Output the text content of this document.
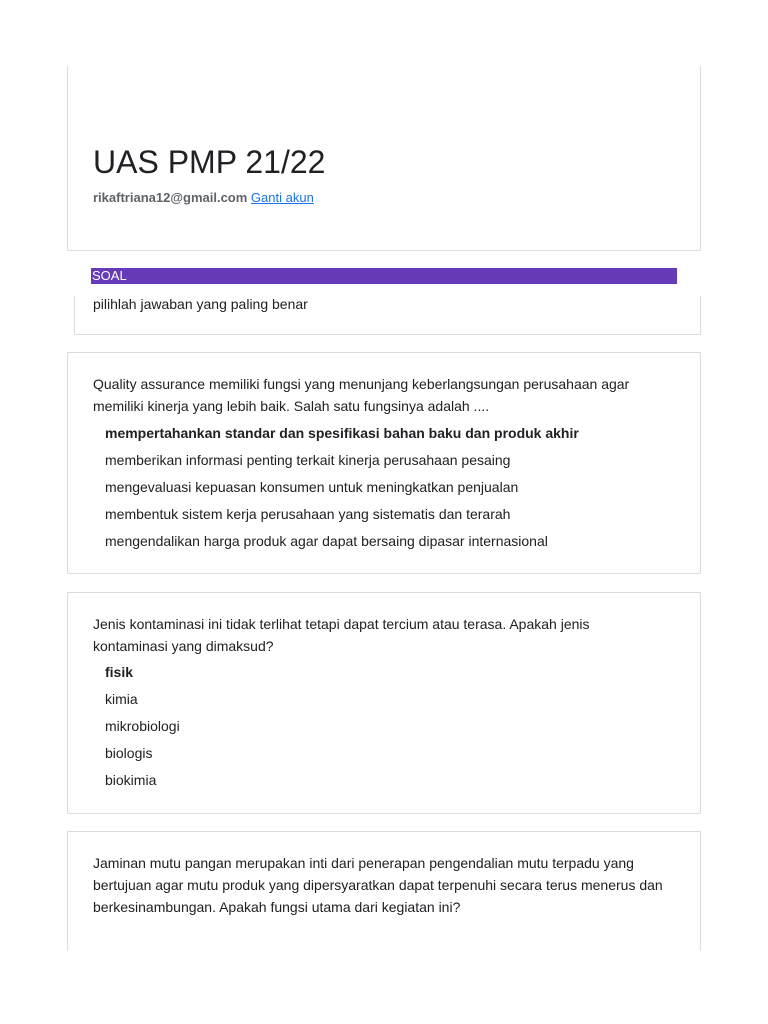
UAS PMP 21/22
rikaftriana12@gmail.com Ganti akun
SOAL
pilihlah jawaban yang paling benar
Quality assurance memiliki fungsi yang menunjang keberlangsungan perusahaan agar memiliki kinerja yang lebih baik. Salah satu fungsinya adalah ....
mempertahankan standar dan spesifikasi bahan baku dan produk akhir
memberikan informasi penting terkait kinerja perusahaan pesaing
mengevaluasi kepuasan konsumen untuk meningkatkan penjualan
membentuk sistem kerja perusahaan yang sistematis dan terarah
mengendalikan harga produk agar dapat bersaing dipasar internasional
Jenis kontaminasi ini tidak terlihat tetapi dapat tercium atau terasa. Apakah jenis kontaminasi yang dimaksud?
fisik
kimia
mikrobiologi
biologis
biokimia
Jaminan mutu pangan merupakan inti dari penerapan pengendalian mutu terpadu yang bertujuan agar mutu produk yang dipersyaratkan dapat terpenuhi secara terus menerus dan berkesinambungan. Apakah fungsi utama dari kegiatan ini?
